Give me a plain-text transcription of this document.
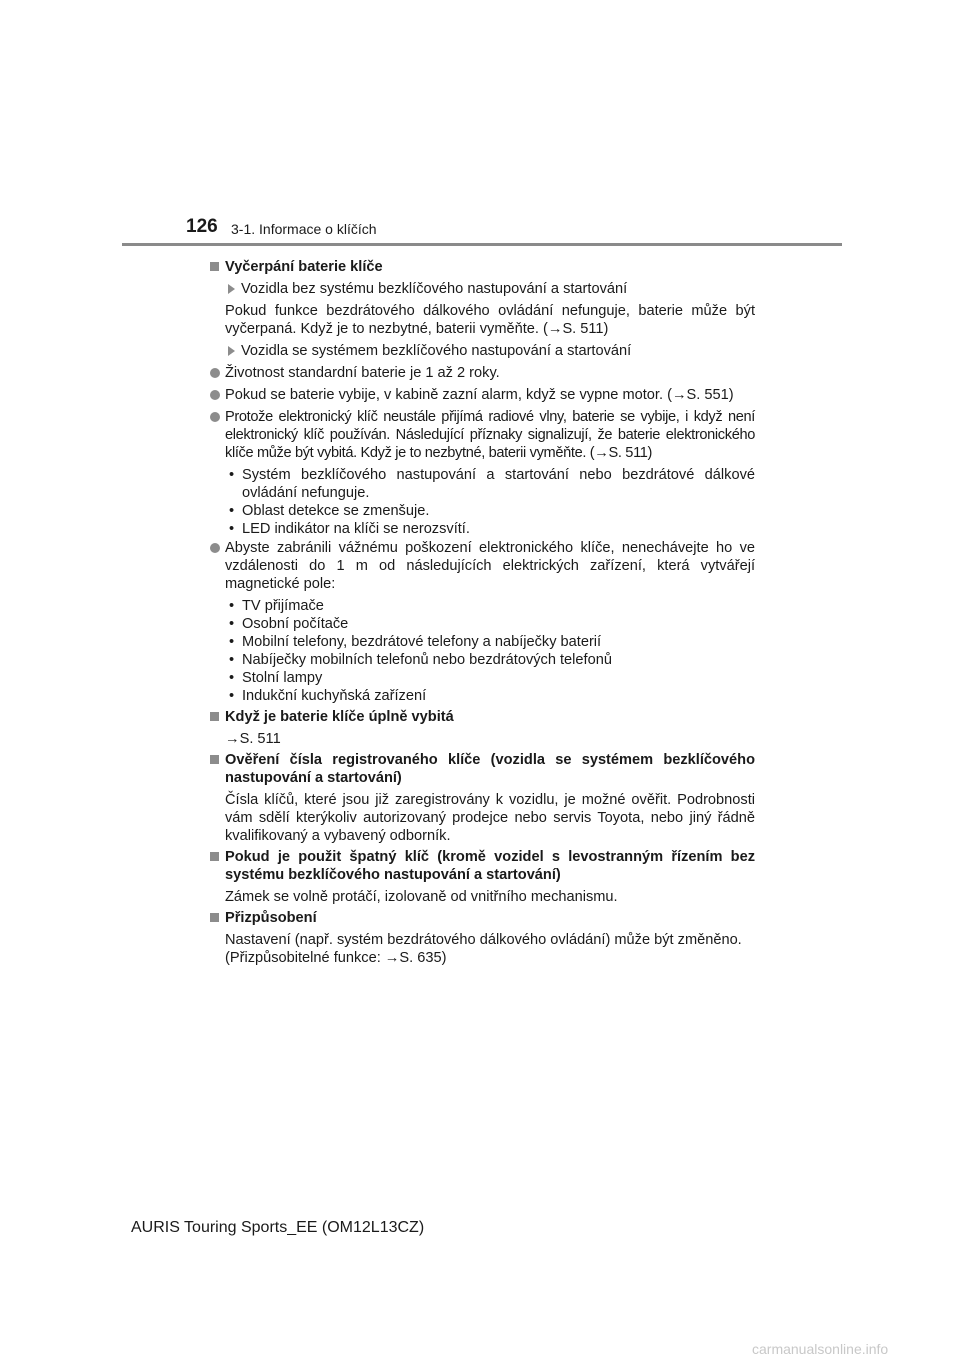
126 3-1. Informace o klíčích
Vyčerpání baterie klíče
Vozidla bez systému bezklíčového nastupování a startování
Pokud funkce bezdrátového dálkového ovládání nefunguje, baterie může být vyčerpaná. Když je to nezbytné, baterii vyměňte. (→S. 511)
Vozidla se systémem bezklíčového nastupování a startování
Životnost standardní baterie je 1 až 2 roky.
Pokud se baterie vybije, v kabině zazní alarm, když se vypne motor. (→S. 551)
Protože elektronický klíč neustále přijímá radiové vlny, baterie se vybije, i když není elektronický klíč používán. Následující příznaky signalizují, že baterie elektronického klíče může být vybitá. Když je to nezbytné, baterii vyměňte. (→S. 511)
• Systém bezklíčového nastupování a startování nebo bezdrátové dálkové ovládání nefunguje.
• Oblast detekce se zmenšuje.
• LED indikátor na klíči se nerozsvítí.
Abyste zabránili vážnému poškození elektronického klíče, nenechávejte ho ve vzdálenosti do 1 m od následujících elektrických zařízení, která vytvářejí magnetické pole:
• TV přijímače
• Osobní počítače
• Mobilní telefony, bezdrátové telefony a nabíječky baterií
• Nabíječky mobilních telefonů nebo bezdrátových telefonů
• Stolní lampy
• Indukční kuchyňská zařízení
Když je baterie klíče úplně vybitá
→S. 511
Ověření čísla registrovaného klíče (vozidla se systémem bezklíčového nastupování a startování)
Čísla klíčů, které jsou již zaregistrovány k vozidlu, je možné ověřit. Podrobnosti vám sdělí kterýkoliv autorizovaný prodejce nebo servis Toyota, nebo jiný řádně kvalifikovaný a vybavený odborník.
Pokud je použit špatný klíč (kromě vozidel s levostranným řízením bez systému bezklíčového nastupování a startování)
Zámek se volně protáčí, izolovaně od vnitřního mechanismu.
Přizpůsobení
Nastavení (např. systém bezdrátového dálkového ovládání) může být změněno.
(Přizpůsobitelné funkce: →S. 635)
AURIS Touring Sports_EE (OM12L13CZ)
carmanualsonline.info
